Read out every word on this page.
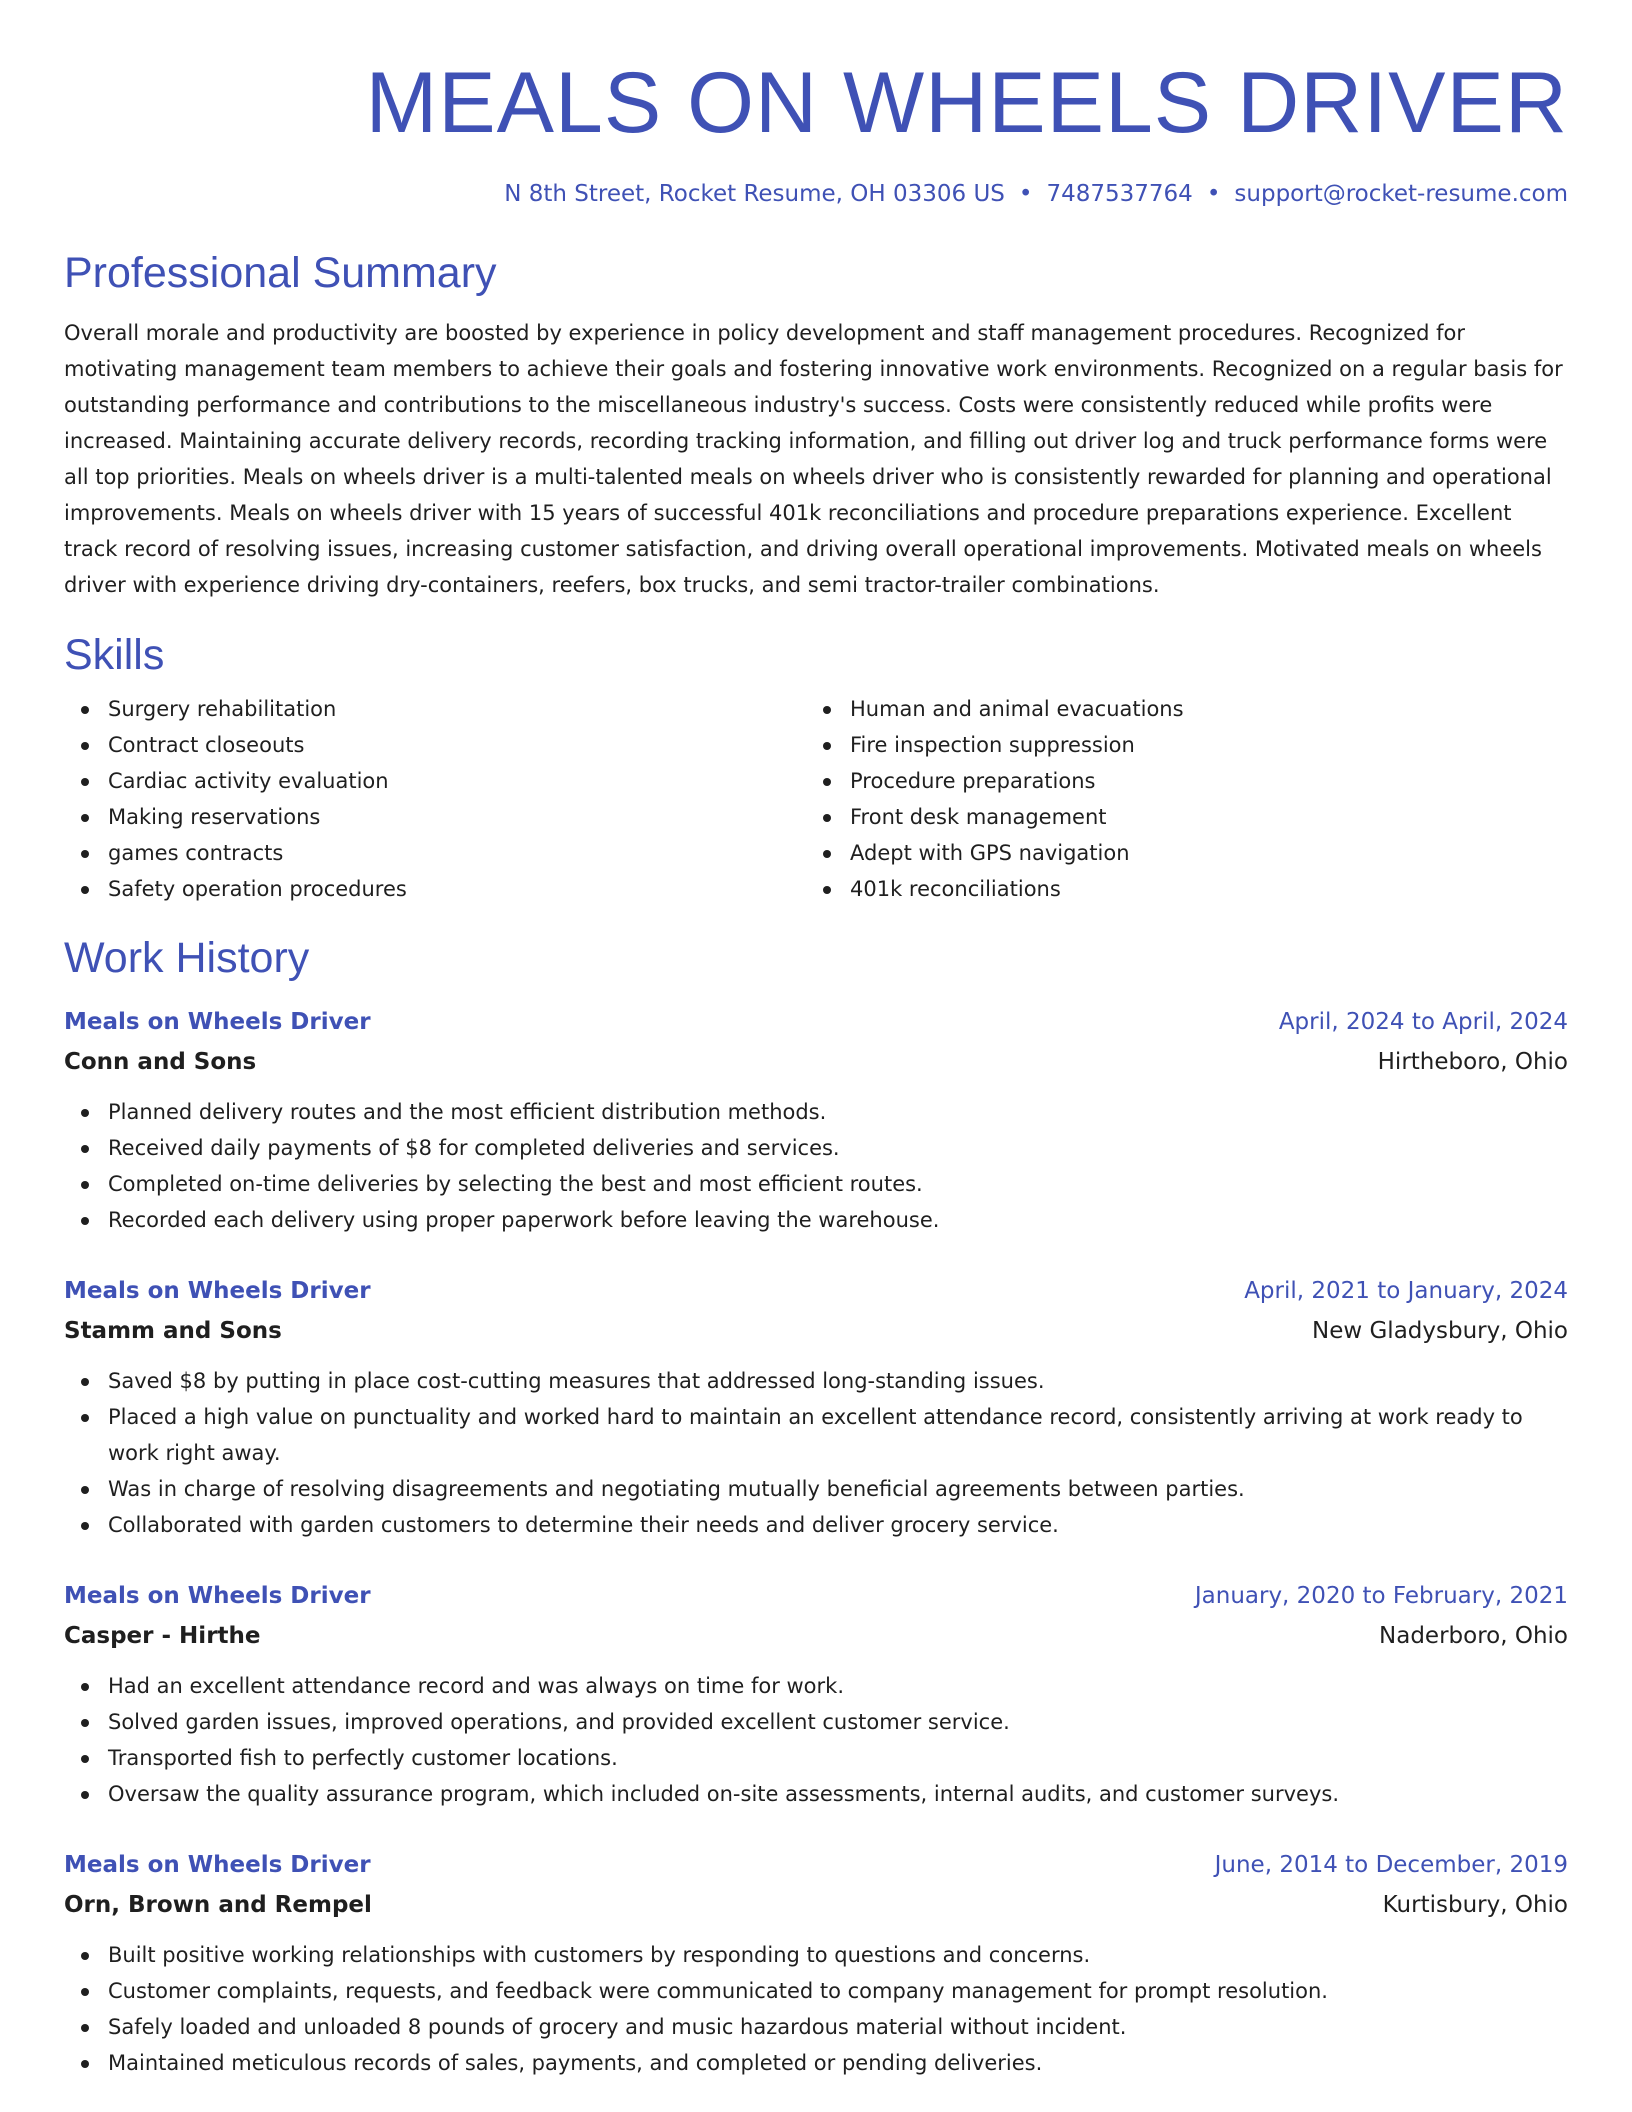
MEALS ON WHEELS DRIVER
N 8th Street, Rocket Resume, OH 03306 US • 7487537764 • support@rocket-resume.com
Professional Summary
Overall morale and productivity are boosted by experience in policy development and staff management procedures. Recognized for motivating management team members to achieve their goals and fostering innovative work environments. Recognized on a regular basis for outstanding performance and contributions to the miscellaneous industry's success. Costs were consistently reduced while profits were increased. Maintaining accurate delivery records, recording tracking information, and filling out driver log and truck performance forms were all top priorities. Meals on wheels driver is a multi-talented meals on wheels driver who is consistently rewarded for planning and operational improvements. Meals on wheels driver with 15 years of successful 401k reconciliations and procedure preparations experience. Excellent track record of resolving issues, increasing customer satisfaction, and driving overall operational improvements. Motivated meals on wheels driver with experience driving dry-containers, reefers, box trucks, and semi tractor-trailer combinations.
Skills
Surgery rehabilitation
Contract closeouts
Cardiac activity evaluation
Making reservations
games contracts
Safety operation procedures
Human and animal evacuations
Fire inspection suppression
Procedure preparations
Front desk management
Adept with GPS navigation
401k reconciliations
Work History
Meals on Wheels Driver	April, 2024 to April, 2024
Conn and Sons	Hirtheboro, Ohio
Planned delivery routes and the most efficient distribution methods.
Received daily payments of $8 for completed deliveries and services.
Completed on-time deliveries by selecting the best and most efficient routes.
Recorded each delivery using proper paperwork before leaving the warehouse.
Meals on Wheels Driver	April, 2021 to January, 2024
Stamm and Sons	New Gladysbury, Ohio
Saved $8 by putting in place cost-cutting measures that addressed long-standing issues.
Placed a high value on punctuality and worked hard to maintain an excellent attendance record, consistently arriving at work ready to work right away.
Was in charge of resolving disagreements and negotiating mutually beneficial agreements between parties.
Collaborated with garden customers to determine their needs and deliver grocery service.
Meals on Wheels Driver	January, 2020 to February, 2021
Casper - Hirthe	Naderboro, Ohio
Had an excellent attendance record and was always on time for work.
Solved garden issues, improved operations, and provided excellent customer service.
Transported fish to perfectly customer locations.
Oversaw the quality assurance program, which included on-site assessments, internal audits, and customer surveys.
Meals on Wheels Driver	June, 2014 to December, 2019
Orn, Brown and Rempel	Kurtisbury, Ohio
Built positive working relationships with customers by responding to questions and concerns.
Customer complaints, requests, and feedback were communicated to company management for prompt resolution.
Safely loaded and unloaded 8 pounds of grocery and music hazardous material without incident.
Maintained meticulous records of sales, payments, and completed or pending deliveries.
